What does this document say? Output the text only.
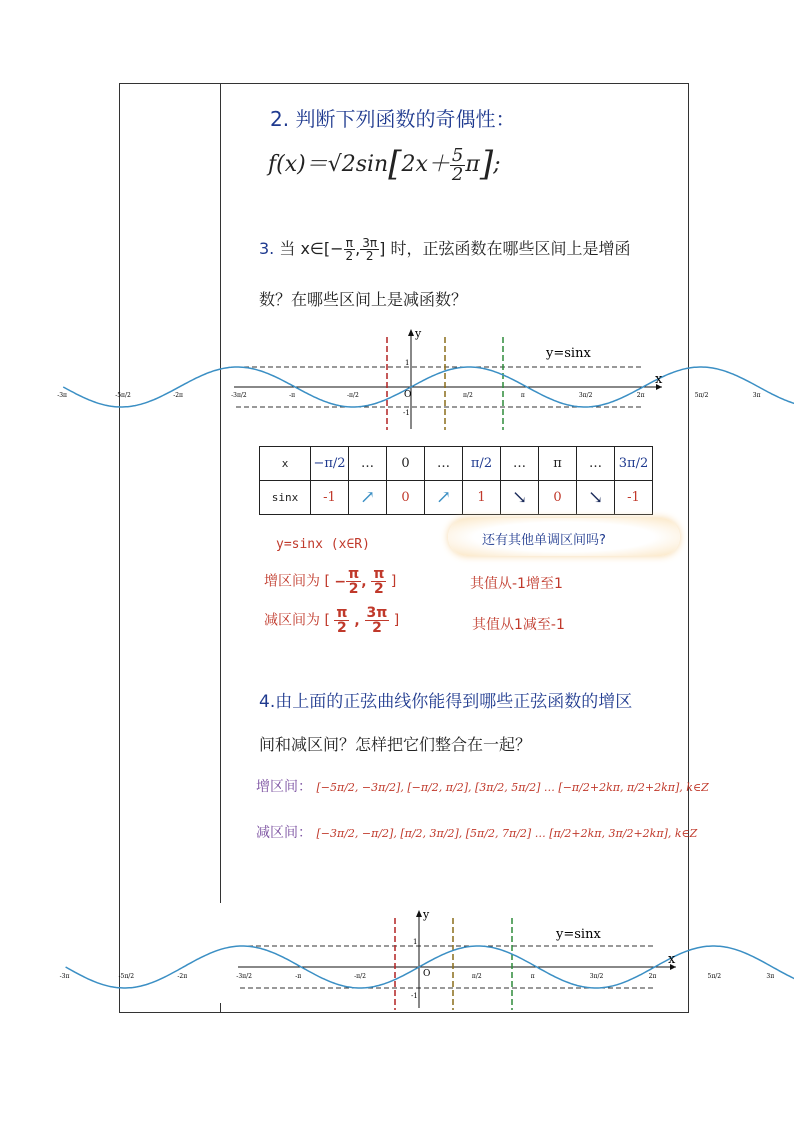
2. 判断下列函数的奇偶性：
$f(x)=√2\sin[2x+ \frac{5}{2} \pi]$;
3. 当 x∈[− $\frac{\pi}{2}$ , $\frac{3\pi}{2}$ ] 时，正弦函数在哪些区间上是增函
数？在哪些区间上是减函数？
y
x
y=sinx
1
-1
O
-3π	-5π/2	-2π	-3π/2	-π	-π/2	π/2	π	3π/2	2π	5π/2	3π
x	−π/2	…	0	…	π/2	…	π	…	3π/2
sinx	-1	↗	0	↗	1	↘	0	↘	-1
还有其他单调区间吗?
y=sinx (x∈R)
增区间为 [ − $\frac{\pi}{2}$ , $\frac{\pi}{2}$ ]	其值从-1增至1
减区间为 [ $\frac{\pi}{2}$ , $\frac{3\pi}{2}$ ]	其值从1减至-1
4.由上面的正弦曲线你能得到哪些正弦函数的增区
间和减区间？怎样把它们整合在一起？
增区间： [−5π/2, −3π/2], [−π/2, π/2], [3π/2, 5π/2] … [−π/2+2kπ, π/2+2kπ], k∈Z
减区间： [−3π/2, −π/2], [π/2, 3π/2], [5π/2, 7π/2] … [π/2+2kπ, 3π/2+2kπ], k∈Z
y
x
y=sinx
1
-1
O
-3π	-5π/2	-2π	-3π/2	-π	-π/2	π/2	π	3π/2	2π	5π/2	3π
